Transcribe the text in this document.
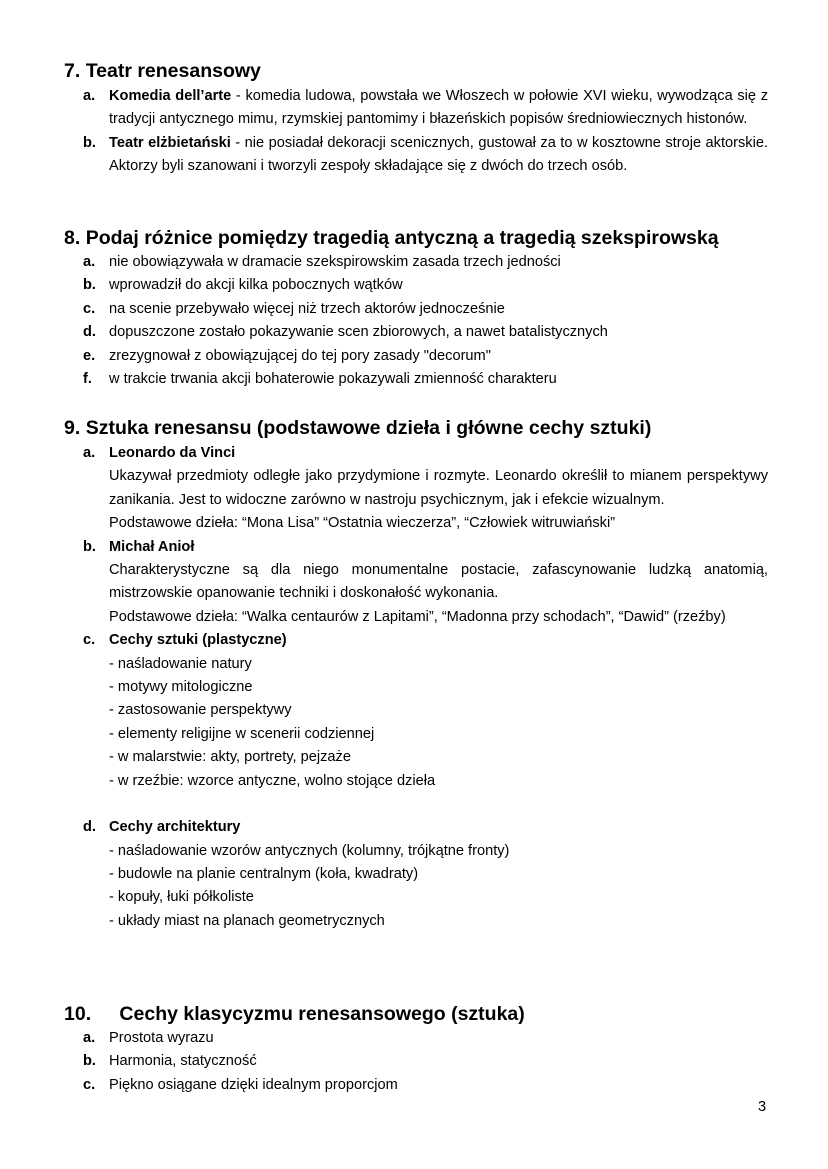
7. Teatr renesansowy
a. Komedia dell’arte - komedia ludowa, powstała we Włoszech w połowie XVI wieku, wywodząca się z tradycji antycznego mimu, rzymskiej pantomimy i błazeńskich popisów średniowiecznych histonów.
b. Teatr elżbietański - nie posiadał dekoracji scenicznych, gustował za to w kosztowne stroje aktorskie. Aktorzy byli szanowani i tworzyli zespoły składające się z dwóch do trzech osób.
8. Podaj różnice pomiędzy tragedią antyczną a tragedią szekspirowską
a. nie obowiązywała w dramacie szekspirowskim zasada trzech jedności
b. wprowadził do akcji kilka pobocznych wątków
c. na scenie przebywało więcej niż trzech aktorów jednocześnie
d. dopuszczone zostało pokazywanie scen zbiorowych, a nawet batalistycznych
e. zrezygnował z obowiązującej do tej pory zasady "decorum"
f. w trakcie trwania akcji bohaterowie pokazywali zmienność charakteru
9. Sztuka renesansu (podstawowe dzieła i główne cechy sztuki)
a. Leonardo da Vinci
Ukazywał przedmioty odległe jako przydymione i rozmyte. Leonardo określił to mianem perspektywy zanikania. Jest to widoczne zarówno w nastroju psychicznym, jak i efekcie wizualnym.
Podstawowe dzieła: “Mona Lisa” “Ostatnia wieczerza”, “Człowiek witruwiański”
b. Michał Anioł
Charakterystyczne są dla niego monumentalne postacie, zafascynowanie ludzką anatomią, mistrzowskie opanowanie techniki i doskonałość wykonania.
Podstawowe dzieła: “Walka centaurów z Lapitami”, “Madonna przy schodach”, “Dawid” (rzeźby)
c. Cechy sztuki (plastyczne)
- naśladowanie natury
- motywy mitologiczne
- zastosowanie perspektywy
- elementy religijne w scenerii codziennej
- w malarstwie: akty, portrety, pejzaże
- w rzeźbie: wzorce antyczne, wolno stojące dzieła
d. Cechy architektury
- naśladowanie wzorów antycznych (kolumny, trójkątne fronty)
- budowle na planie centralnym (koła, kwadraty)
- kopuły, łuki półkoliste
- układy miast na planach geometrycznych
10. Cechy klasycyzmu renesansowego (sztuka)
a. Prostota wyrazu
b. Harmonia, statyczność
c. Piękno osiągane dzięki idealnym proporcjom
3
